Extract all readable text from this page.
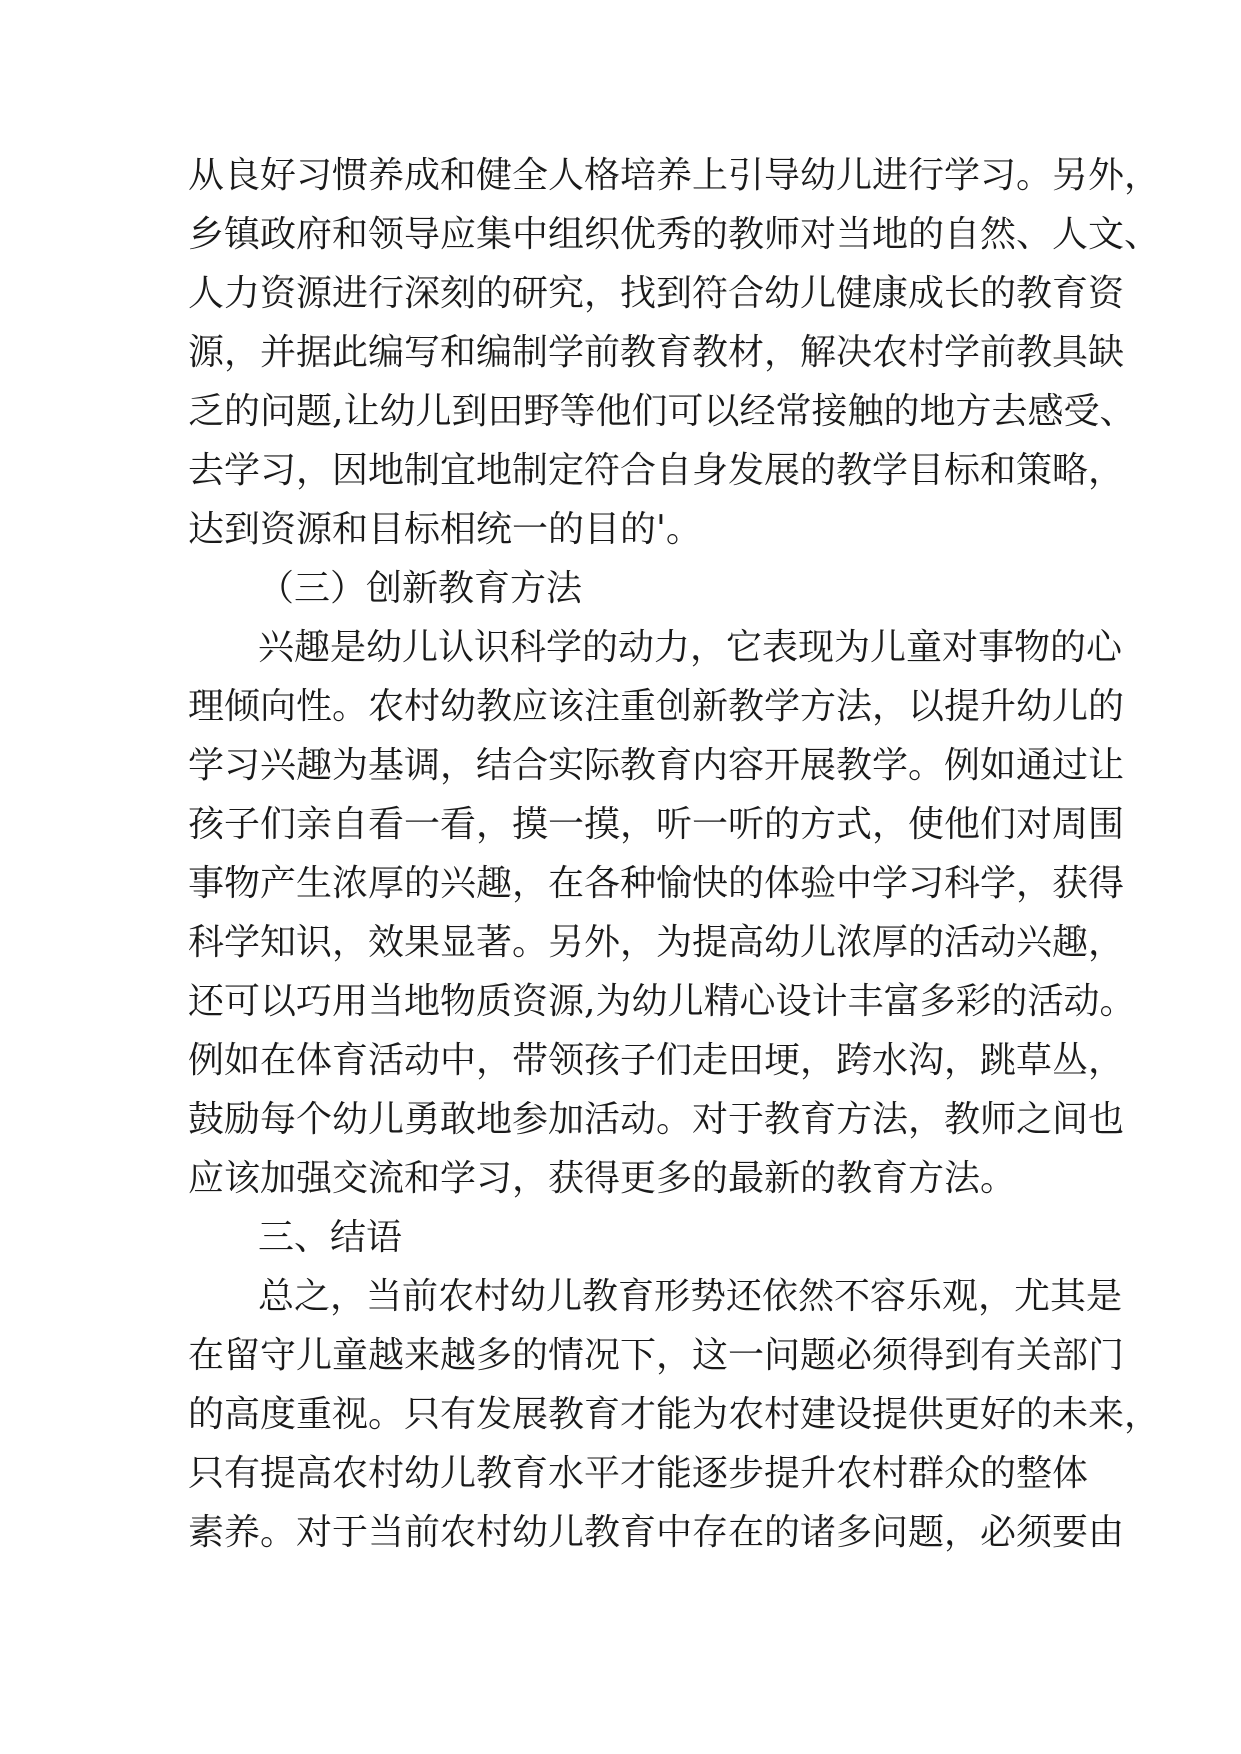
从良好习惯养成和健全人格培养上引导幼儿进行学习。另外，

乡镇政府和领导应集中组织优秀的教师对当地的自然、人文、

人力资源进行深刻的研究，找到符合幼儿健康成长的教育资

源，并据此编写和编制学前教育教材，解决农村学前教具缺

乏的问题,让幼儿到田野等他们可以经常接触的地方去感受、

去学习，因地制宜地制定符合自身发展的教学目标和策略，

达到资源和目标相统一的目的'。

（三）创新教育方法

兴趣是幼儿认识科学的动力，它表现为儿童对事物的心

理倾向性。农村幼教应该注重创新教学方法，以提升幼儿的

学习兴趣为基调，结合实际教育内容开展教学。例如通过让

孩子们亲自看一看，摸一摸，听一听的方式，使他们对周围

事物产生浓厚的兴趣，在各种愉快的体验中学习科学，获得

科学知识，效果显著。另外，为提高幼儿浓厚的活动兴趣，

还可以巧用当地物质资源,为幼儿精心设计丰富多彩的活动。

例如在体育活动中，带领孩子们走田埂，跨水沟，跳草丛，

鼓励每个幼儿勇敢地参加活动。对于教育方法，教师之间也

应该加强交流和学习，获得更多的最新的教育方法。

三、结语

总之，当前农村幼儿教育形势还依然不容乐观，尤其是

在留守儿童越来越多的情况下，这一问题必须得到有关部门

的高度重视。只有发展教育才能为农村建设提供更好的未来，

只有提高农村幼儿教育水平才能逐步提升农村群众的整体

素养。对于当前农村幼儿教育中存在的诸多问题，必须要由
